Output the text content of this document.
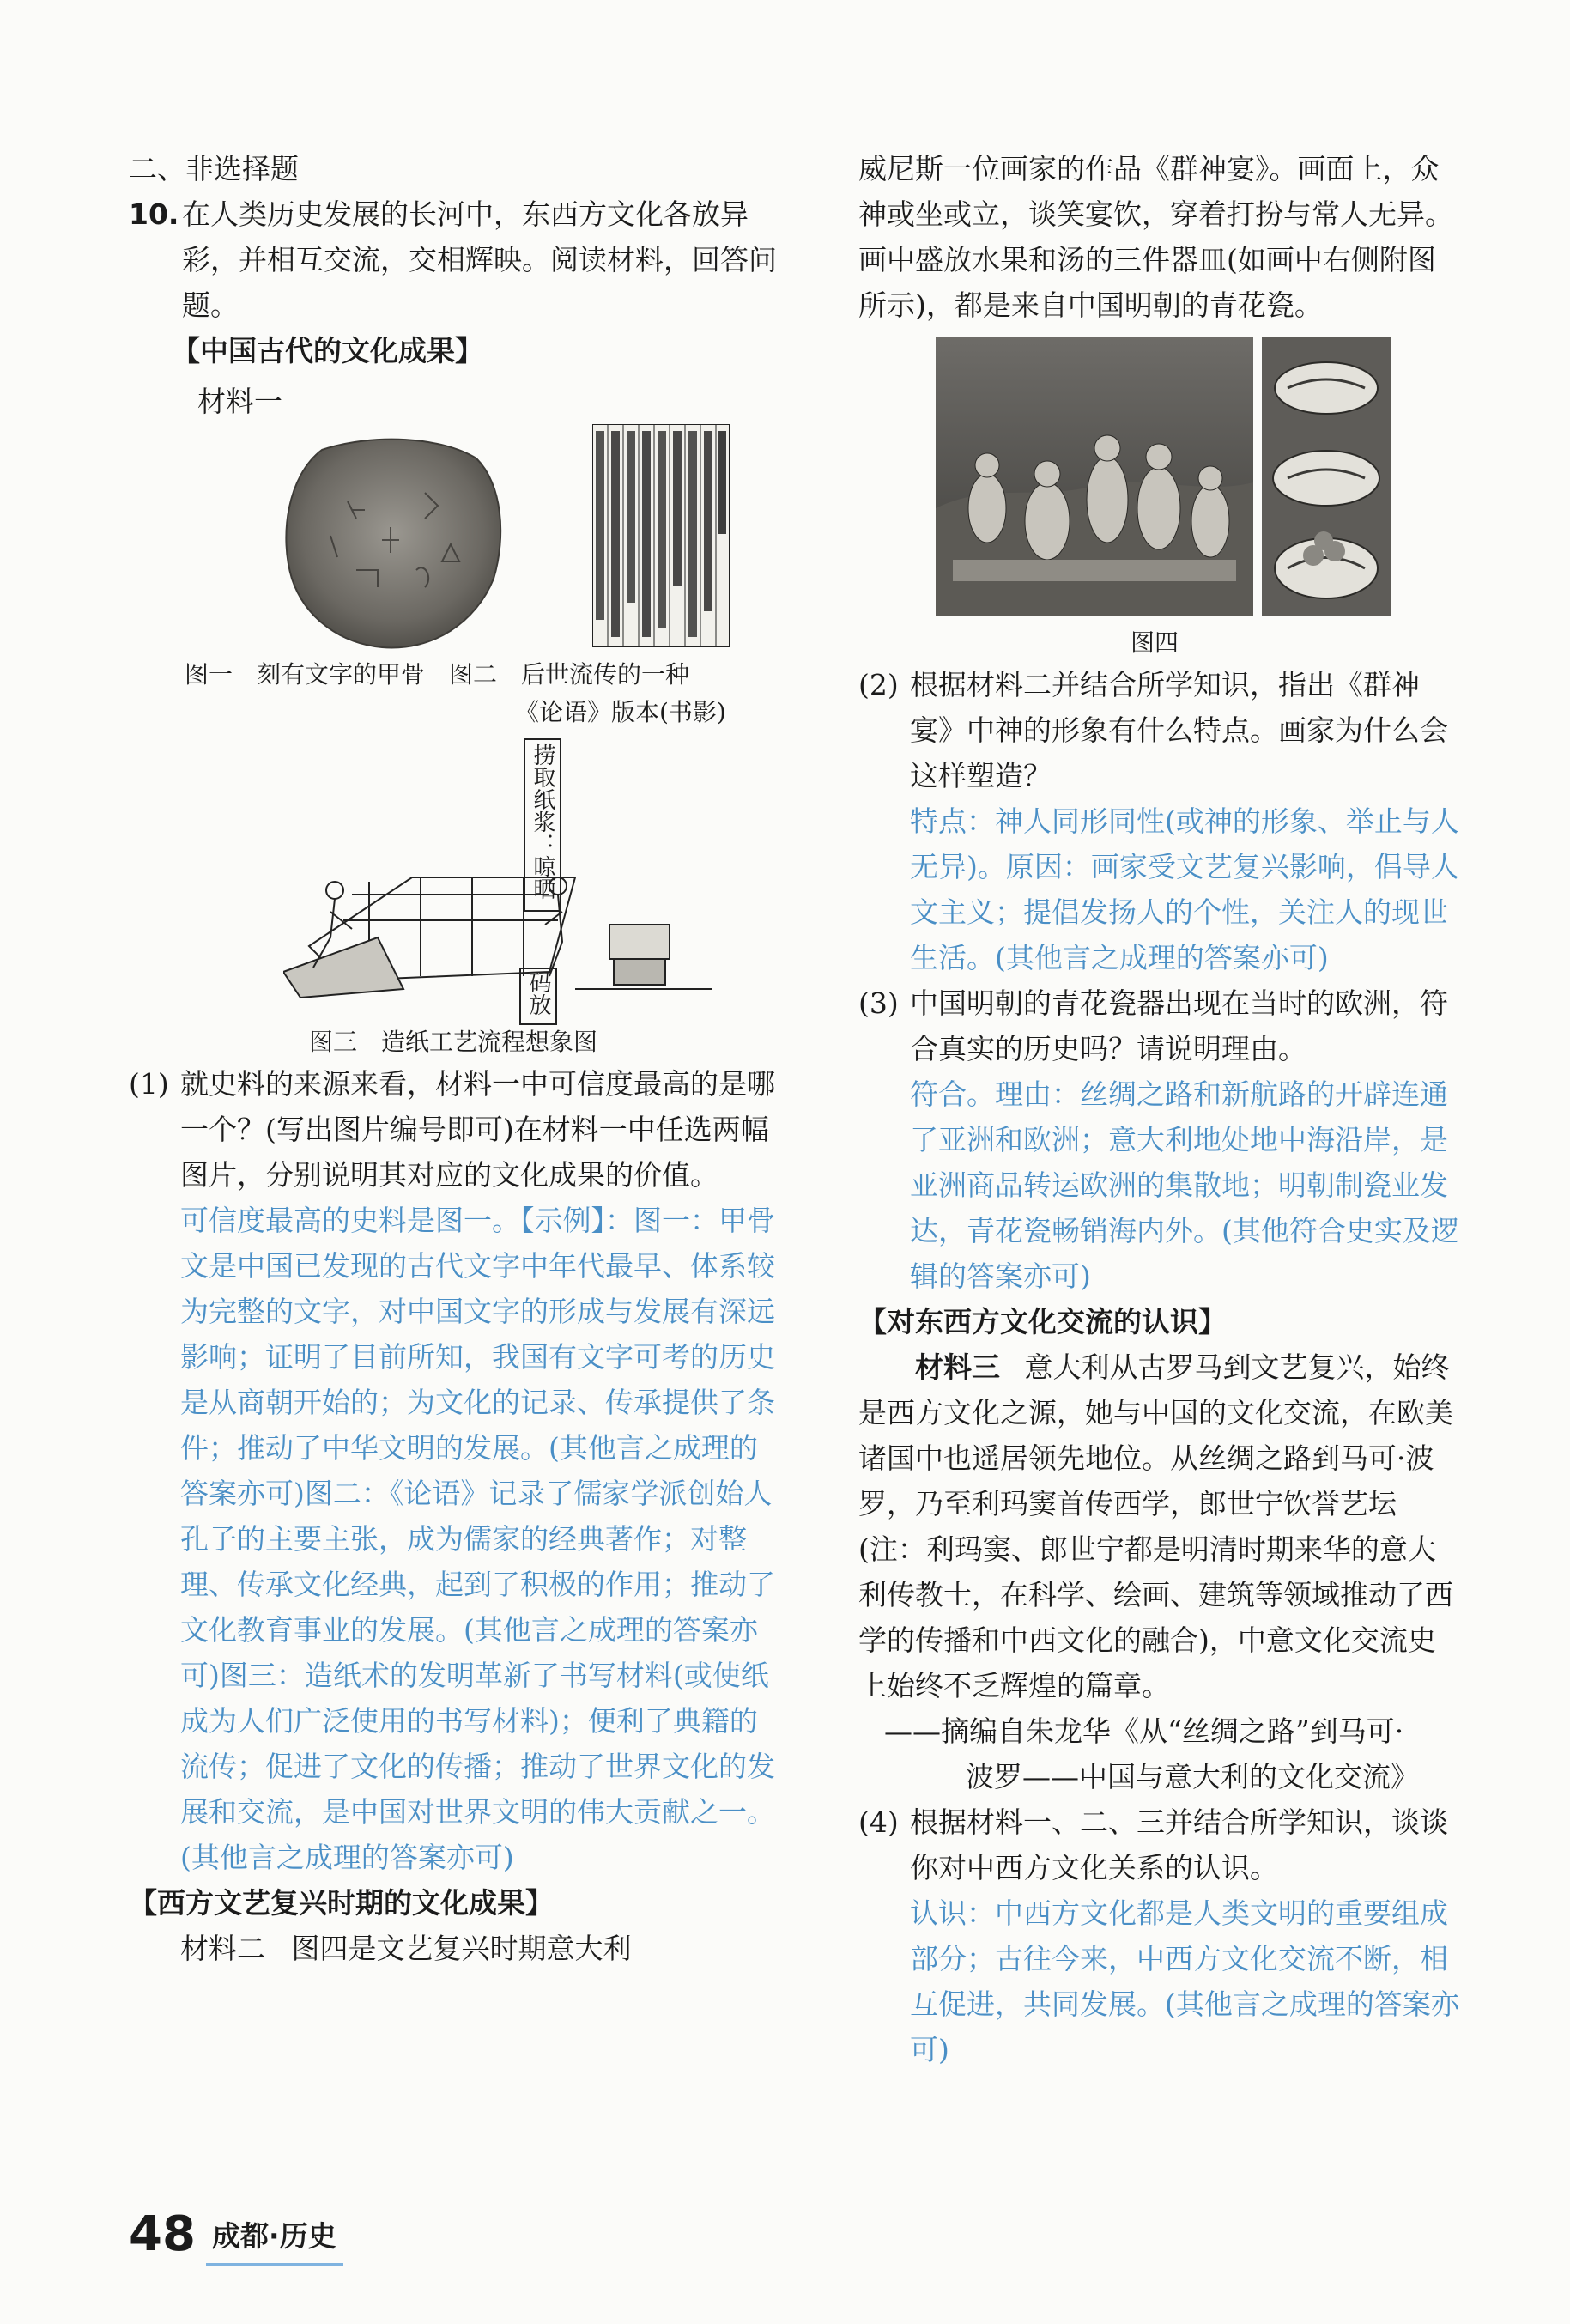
二、非选择题
10. 在人类历史发展的长河中，东西方文化各放异彩，并相互交流，交相辉映。阅读材料，回答问题。
【中国古代的文化成果】
材料一
图一　刻有文字的甲骨　图二　后世流传的一种
《论语》版本(书影)
捞取纸浆：晾晒
码放
图三　造纸工艺流程想象图
(1) 就史料的来源来看，材料一中可信度最高的是哪一个？(写出图片编号即可)在材料一中任选两幅图片，分别说明其对应的文化成果的价值。
可信度最高的史料是图一。【示例】：图一：甲骨文是中国已发现的古代文字中年代最早、体系较为完整的文字，对中国文字的形成与发展有深远影响；证明了目前所知，我国有文字可考的历史是从商朝开始的；为文化的记录、传承提供了条件；推动了中华文明的发展。(其他言之成理的答案亦可)图二：《论语》记录了儒家学派创始人孔子的主要主张，成为儒家的经典著作；对整理、传承文化经典，起到了积极的作用；推动了文化教育事业的发展。(其他言之成理的答案亦可)图三：造纸术的发明革新了书写材料(或使纸成为人们广泛使用的书写材料)；便利了典籍的流传；促进了文化的传播；推动了世界文化的发展和交流，是中国对世界文明的伟大贡献之一。(其他言之成理的答案亦可)
【西方文艺复兴时期的文化成果】
材料二 图四是文艺复兴时期意大利
威尼斯一位画家的作品《群神宴》。画面上，众神或坐或立，谈笑宴饮，穿着打扮与常人无异。画中盛放水果和汤的三件器皿(如画中右侧附图所示)，都是来自中国明朝的青花瓷。
图四
(2) 根据材料二并结合所学知识，指出《群神宴》中神的形象有什么特点。画家为什么会这样塑造？
特点：神人同形同性(或神的形象、举止与人无异)。原因：画家受文艺复兴影响，倡导人文主义；提倡发扬人的个性，关注人的现世生活。(其他言之成理的答案亦可)
(3) 中国明朝的青花瓷器出现在当时的欧洲，符合真实的历史吗？请说明理由。
符合。理由：丝绸之路和新航路的开辟连通了亚洲和欧洲；意大利地处地中海沿岸，是亚洲商品转运欧洲的集散地；明朝制瓷业发达，青花瓷畅销海内外。(其他符合史实及逻辑的答案亦可)
【对东西方文化交流的认识】
材料三 意大利从古罗马到文艺复兴，始终是西方文化之源，她与中国的文化交流，在欧美诸国中也遥居领先地位。从丝绸之路到马可·波罗，乃至利玛窦首传西学，郎世宁饮誉艺坛(注：利玛窦、郎世宁都是明清时期来华的意大利传教士，在科学、绘画、建筑等领域推动了西学的传播和中西文化的融合)，中意文化交流史上始终不乏辉煌的篇章。
——摘编自朱龙华《从“丝绸之路”到马可·
波罗——中国与意大利的文化交流》
(4) 根据材料一、二、三并结合所学知识，谈谈你对中西方文化关系的认识。
认识：中西方文化都是人类文明的重要组成部分；古往今来，中西方文化交流不断，相互促进，共同发展。(其他言之成理的答案亦可)
48 成都·历史
